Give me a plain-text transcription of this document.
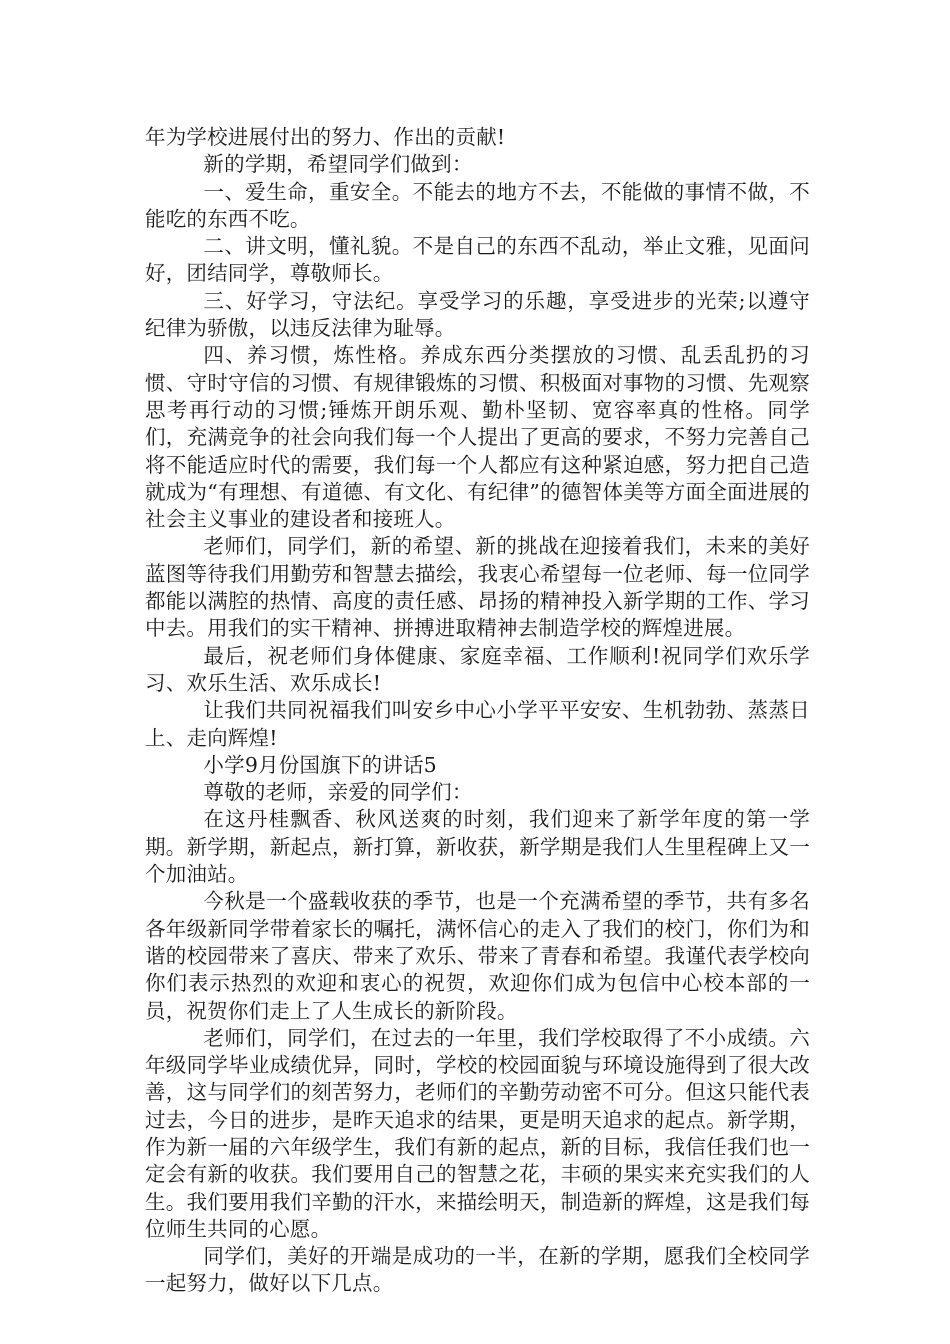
年为学校进展付出的努力、作出的贡献!

新的学期，希望同学们做到：

一、爱生命，重安全。不能去的地方不去，不能做的事情不做，不能吃的东西不吃。

二、讲文明，懂礼貌。不是自己的东西不乱动，举止文雅，见面问好，团结同学，尊敬师长。

三、好学习，守法纪。享受学习的乐趣，享受进步的光荣;以遵守纪律为骄傲，以违反法律为耻辱。

四、养习惯，炼性格。养成东西分类摆放的习惯、乱丢乱扔的习惯、守时守信的习惯、有规律锻炼的习惯、积极面对事物的习惯、先观察思考再行动的习惯;锤炼开朗乐观、勤朴坚韧、宽容率真的性格。同学们，充满竞争的社会向我们每一个人提出了更高的要求，不努力完善自己将不能适应时代的需要，我们每一个人都应有这种紧迫感，努力把自己造就成为“有理想、有道德、有文化、有纪律”的德智体美等方面全面进展的社会主义事业的建设者和接班人。

老师们，同学们，新的希望、新的挑战在迎接着我们，未来的美好蓝图等待我们用勤劳和智慧去描绘，我衷心希望每一位老师、每一位同学都能以满腔的热情、高度的责任感、昂扬的精神投入新学期的工作、学习中去。用我们的实干精神、拼搏进取精神去制造学校的辉煌进展。

最后，祝老师们身体健康、家庭幸福、工作顺利!祝同学们欢乐学习、欢乐生活、欢乐成长!

让我们共同祝福我们叫安乡中心小学平平安安、生机勃勃、蒸蒸日上、走向辉煌!

小学9月份国旗下的讲话5

尊敬的老师，亲爱的同学们：

在这丹桂飘香、秋风送爽的时刻，我们迎来了新学年度的第一学期。新学期，新起点，新打算，新收获，新学期是我们人生里程碑上又一个加油站。

今秋是一个盛载收获的季节，也是一个充满希望的季节，共有多名各年级新同学带着家长的嘱托，满怀信心的走入了我们的校门，你们为和谐的校园带来了喜庆、带来了欢乐、带来了青春和希望。我谨代表学校向你们表示热烈的欢迎和衷心的祝贺，欢迎你们成为包信中心校本部的一员，祝贺你们走上了人生成长的新阶段。

老师们，同学们，在过去的一年里，我们学校取得了不小成绩。六年级同学毕业成绩优异，同时，学校的校园面貌与环境设施得到了很大改善，这与同学们的刻苦努力，老师们的辛勤劳动密不可分。但这只能代表过去，今日的进步，是昨天追求的结果，更是明天追求的起点。新学期，作为新一届的六年级学生，我们有新的起点，新的目标，我信任我们也一定会有新的收获。我们要用自己的智慧之花，丰硕的果实来充实我们的人生。我们要用我们辛勤的汗水，来描绘明天，制造新的辉煌，这是我们每位师生共同的心愿。

同学们，美好的开端是成功的一半，在新的学期，愿我们全校同学一起努力，做好以下几点。
